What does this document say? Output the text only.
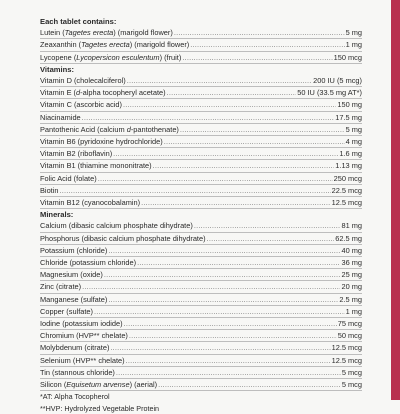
Each tablet contains:
Lutein (Tagetes erecta) (marigold flower) .....	5 mg
Zeaxanthin (Tagetes erecta) (marigold flower) .....	1 mg
Lycopene (Lycopersicon esculentum) (fruit) .....	150 mcg
Vitamins:
Vitamin D (cholecalciferol) .....	200 IU (5 mcg)
Vitamin E (d-alpha tocopheryl acetate) .....	50 IU (33.5 mg AT*)
Vitamin C (ascorbic acid) .....	150 mg
Niacinamide .....	17.5 mg
Pantothenic Acid (calcium d-pantothenate) .....	5 mg
Vitamin B6 (pyridoxine hydrochloride) .....	4 mg
Vitamin B2 (riboflavin) .....	1.6 mg
Vitamin B1 (thiamine mononitrate) .....	1.13 mg
Folic Acid (folate) .....	250 mcg
Biotin .....	22.5 mcg
Vitamin B12 (cyanocobalamin) .....	12.5 mcg
Minerals:
Calcium (dibasic calcium phosphate dihydrate) .....	81 mg
Phosphorus (dibasic calcium phosphate dihydrate) .....	62.5 mg
Potassium (chloride) .....	40 mg
Chloride (potassium chloride) .....	36 mg
Magnesium (oxide) .....	25 mg
Zinc (citrate) .....	20 mg
Manganese (sulfate) .....	2.5 mg
Copper (sulfate) .....	1 mg
Iodine (potassium iodide) .....	75 mcg
Chromium (HVP** chelate) .....	50 mcg
Molybdenum (citrate) .....	12.5 mcg
Selenium (HVP** chelate) .....	12.5 mcg
Tin (stannous chloride) .....	5 mcg
Silicon (Equisetum arvense) (aerial) .....	5 mcg
*AT: Alpha Tocopherol
**HVP: Hydrolyzed Vegetable Protein
